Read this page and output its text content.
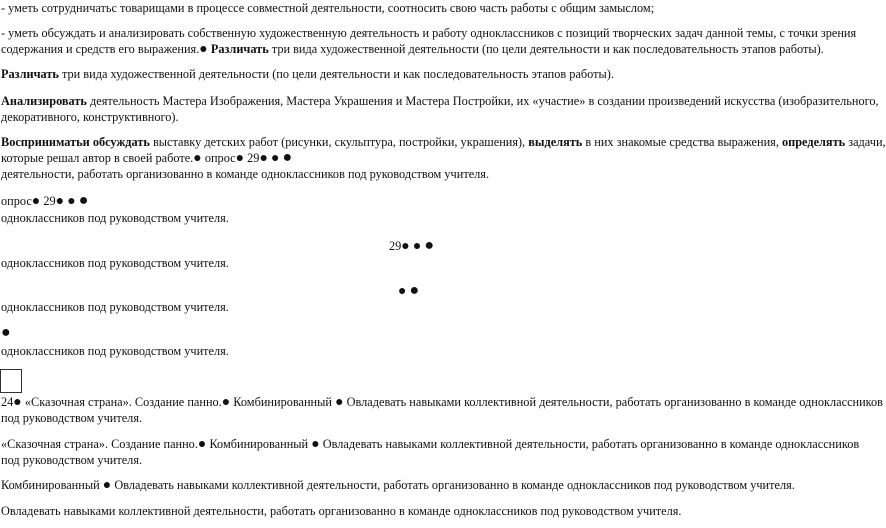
- уметь сотрудничатьс товарищами в процессе совместной деятельности, соотносить свою часть работы с общим замыслом;
- уметь обсуждать и анализировать собственную художественную деятельность и работу одноклассников с позиций творческих задач данной темы, с точки зрения
содержания и средств его выражения.● Различать три вида художественной деятельности (по цели деятельности и как последовательность этапов работы).
Различать три вида художественной деятельности (по цели деятельности и как последовательность этапов работы).
Анализировать деятельность Мастера Изображения, Мастера Украшения и Мастера Постройки, их «участие» в создании произведений искусства (изобразительного,
декоративного, конструктивного).
Восприниматьи обсуждать выставку детских работ (рисунки, скульптура, постройки, украшения), выделять в них знакомые средства выражения, определять задачи,
которые решал автор в своей работе.● опрос● 29● ● ●
деятельности, работать организованно в команде одноклассников под руководством учителя.
опрос● 29● ● ●
одноклассников под руководством учителя.
29● ● ●
одноклассников под руководством учителя.
● ●
одноклассников под руководством учителя.
●
одноклассников под руководством учителя.
24● «Сказочная страна». Создание панно.● Комбинированный ● Овладевать навыками коллективной деятельности, работать организованно в команде одноклассников
под руководством учителя.
«Сказочная страна». Создание панно.● Комбинированный ● Овладевать навыками коллективной деятельности, работать организованно в команде одноклассников
под руководством учителя.
Комбинированный ● Овладевать навыками коллективной деятельности, работать организованно в команде одноклассников под руководством учителя.
Овладевать навыками коллективной деятельности, работать организованно в команде одноклассников под руководством учителя.
